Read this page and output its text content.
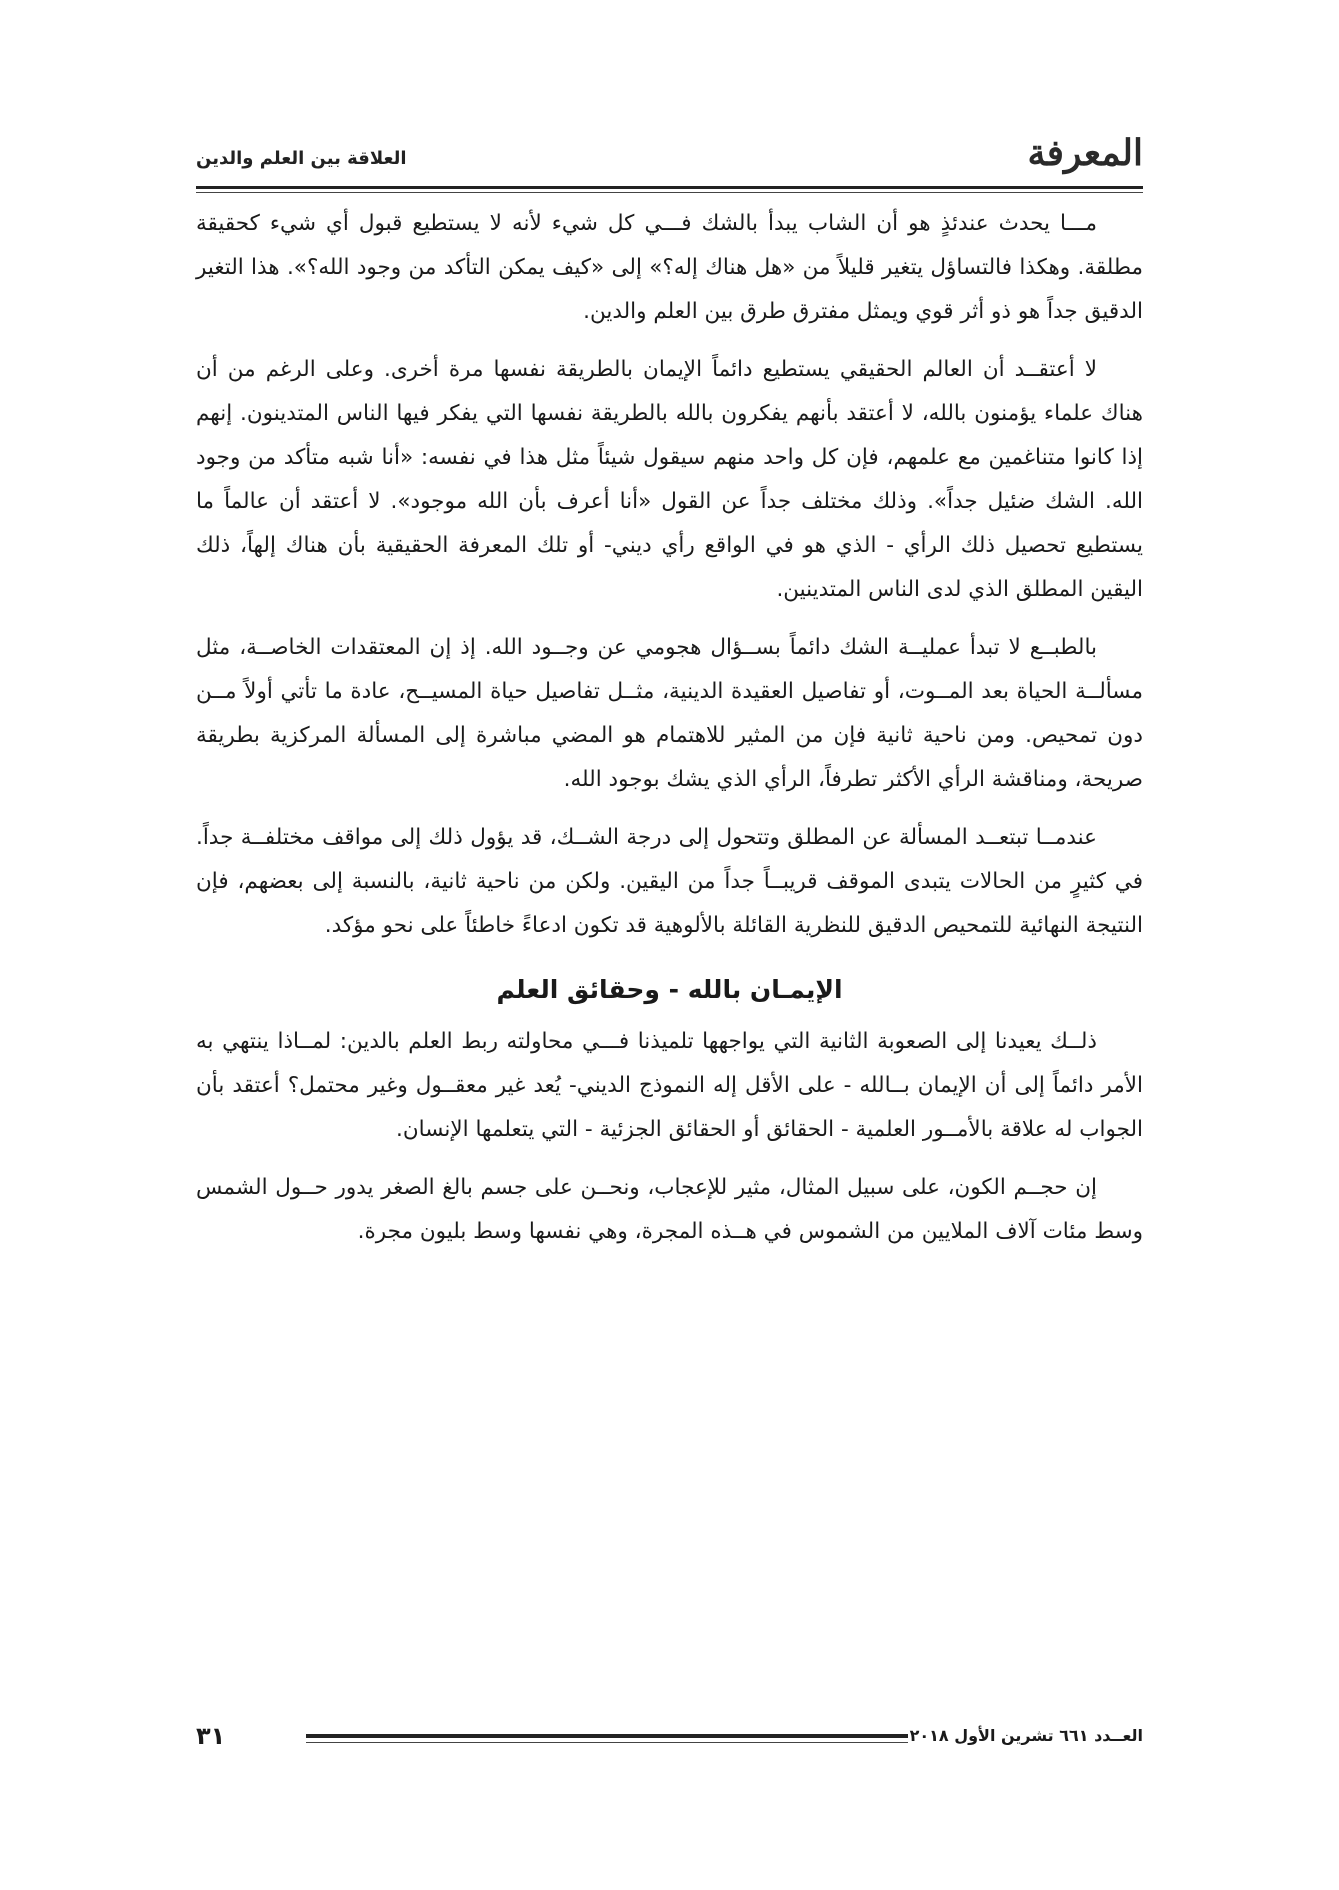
المعرفة
العلاقة بين العلم والدين

مـــا يحدث عندئذٍ هو أن الشاب يبدأ بالشك فـــي كل شيء لأنه لا يستطيع قبول أي شيء كحقيقة مطلقة. وهكذا فالتساؤل يتغير قليلاً من «هل هناك إله؟» إلى «كيف يمكن التأكد من وجود الله؟». هذا التغير الدقيق جداً هو ذو أثر قوي ويمثل مفترق طرق بين العلم والدين.

لا أعتقــد أن العالم الحقيقي يستطيع دائماً الإيمان بالطريقة نفسها مرة أخرى. وعلى الرغم من أن هناك علماء يؤمنون بالله، لا أعتقد بأنهم يفكرون بالله بالطريقة نفسها التي يفكر فيها الناس المتدينون. إنهم إذا كانوا متناغمين مع علمهم، فإن كل واحد منهم سيقول شيئاً مثل هذا في نفسه: «أنا شبه متأكد من وجود الله. الشك ضئيل جداً». وذلك مختلف جداً عن القول «أنا أعرف بأن الله موجود». لا أعتقد أن عالماً ما يستطيع تحصيل ذلك الرأي - الذي هو في الواقع رأي ديني- أو تلك المعرفة الحقيقية بأن هناك إلهاً، ذلك اليقين المطلق الذي لدى الناس المتدينين.

بالطبــع لا تبدأ عمليــة الشك دائماً بســؤال هجومي عن وجــود الله. إذ إن المعتقدات الخاصــة، مثل مسألــة الحياة بعد المــوت، أو تفاصيل العقيدة الدينية، مثــل تفاصيل حياة المسيــح، عادة ما تأتي أولاً مــن دون تمحيص. ومن ناحية ثانية فإن من المثير للاهتمام هو المضي مباشرة إلى المسألة المركزية بطريقة صريحة، ومناقشة الرأي الأكثر تطرفاً، الرأي الذي يشك بوجود الله.

عندمــا تبتعــد المسألة عن المطلق وتتحول إلى درجة الشــك، قد يؤول ذلك إلى مواقف مختلفــة جداً. في كثيرٍ من الحالات يتبدى الموقف قريبــاً جداً من اليقين. ولكن من ناحية ثانية، بالنسبة إلى بعضهم، فإن النتيجة النهائية للتمحيص الدقيق للنظرية القائلة بالألوهية قد تكون ادعاءً خاطئاً على نحو مؤكد.

الإيمـان بالله - وحقائق العلم

ذلــك يعيدنا إلى الصعوبة الثانية التي يواجهها تلميذنا فـــي محاولته ربط العلم بالدين: لمــاذا ينتهي به الأمر دائماً إلى أن الإيمان بــالله - على الأقل إله النموذج الديني- يُعد غير معقــول وغير محتمل؟ أعتقد بأن الجواب له علاقة بالأمــور العلمية - الحقائق أو الحقائق الجزئية - التي يتعلمها الإنسان.

إن حجــم الكون، على سبيل المثال، مثير للإعجاب، ونحــن على جسم بالغ الصغر يدور حــول الشمس وسط مئات آلاف الملايين من الشموس في هــذه المجرة، وهي نفسها وسط بليون مجرة.

العــدد ٦٦١ تشرين الأول ٢٠١٨
٣١
